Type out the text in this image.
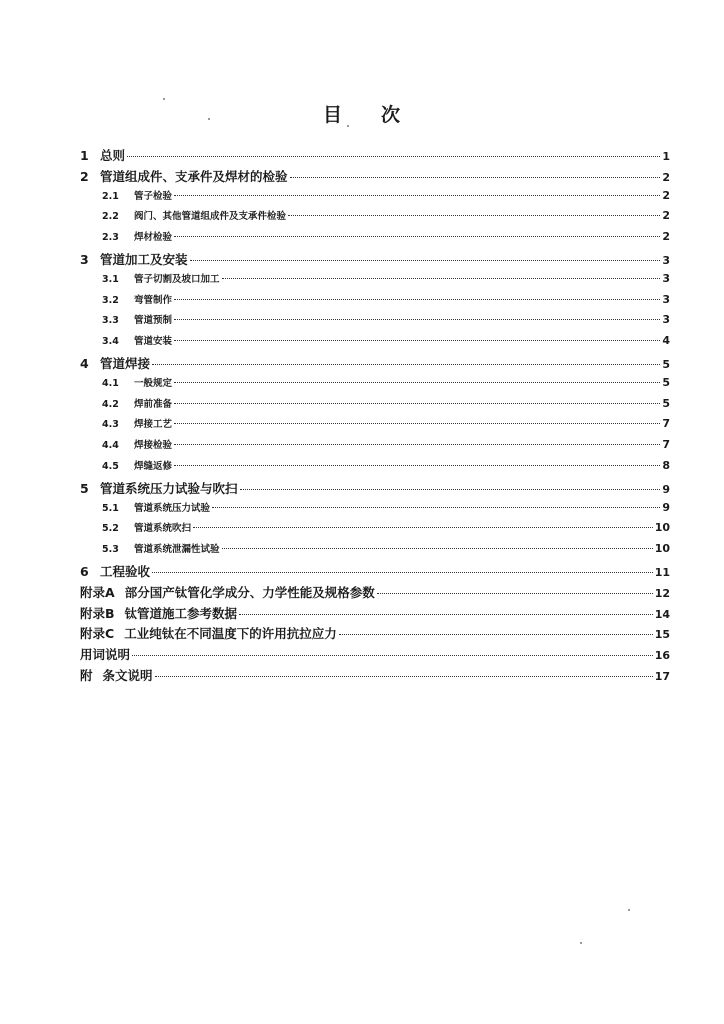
目 次
1 总则	1
2 管道组成件、支承件及焊材的检验	2
2.1	管子检验	2
2.2	阀门、其他管道组成件及支承件检验	2
2.3	焊材检验	2
3 管道加工及安装	3
3.1	管子切割及坡口加工	3
3.2	弯管制作	3
3.3	管道预制	3
3.4	管道安装	4
4 管道焊接	5
4.1	一般规定	5
4.2	焊前准备	5
4.3	焊接工艺	7
4.4	焊接检验	7
4.5	焊缝返修	8
5 管道系统压力试验与吹扫	9
5.1	管道系统压力试验	9
5.2	管道系统吹扫	10
5.3	管道系统泄漏性试验	10
6 工程验收	11
附录A 部分国产钛管化学成分、力学性能及规格参数	12
附录B 钛管道施工参考数据	14
附录C 工业纯钛在不同温度下的许用抗拉应力	15
用词说明	16
附 条文说明	17
